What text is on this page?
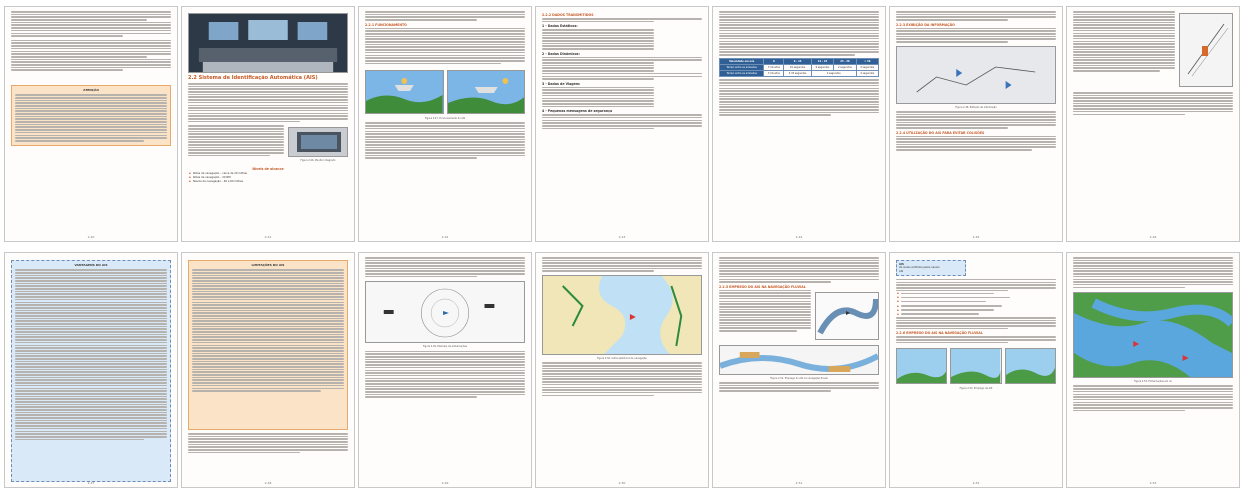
ATENÇÃO
2-40
2.2 Sistema de Identificação Automática (AIS)
Figura 2.46. Monitor integrado
Níveis de alcance
▪ Rotas de navegação – cerca de 20 milhas
▪ Rotas de navegação – 20 NM
▪ Navios de navegação – 40 a 60 milhas
2-41
2.2.1 FUNCIONAMENTO
Figura 2.47. Funcionamento do AIS
2-42
2.2.2 DADOS TRANSMITIDOS
1 - Dados Estáticos:
2 - Dados Dinâmicos:
3 - Dados de Viagem:
4 - Pequenas mensagens de segurança
2-43
Velocidade em nós	0	0 - 14	14 - 23	23 - 30	> 30
Tempo entre as emissões	3 minutos	10 segundos	6 segundos	2 segundos	2 segundos
Tempo entre as emissões	3 minutos	3,33 segundos	2 segundos		2 segundos
2-44
2.2.3 EXIBIÇÃO DA INFORMAÇÃO
Figura 2.48. Exibição de informação
2.2.4 UTILIZAÇÃO DO AIS PARA EVITAR COLISÕES
2-45	2-46
VANTAGENS DO AIS
2-47
LIMITAÇÕES DO AIS
2-48
Figura 2.49. Exemplo de embarcações
2-49
Figura 2.50. Carta eletrónica de navegação
2-50
2.2.5 EMPREGO DO AIS NA NAVEGAÇÃO FLUVIAL
Figura 2.51. Emprego do AIS na navegação fluvial
2-51
AIS
Os sinais emitidos pelos navios
AIS
▪
▪
▪
▪
▪
▪
2.2.6 EMPREGO DO AIS NA NAVEGAÇÃO FLUVIAL
Figura 2.52. Emprego de AIS
2-52
Figura 2.53. Embarcações em rio
2-53
